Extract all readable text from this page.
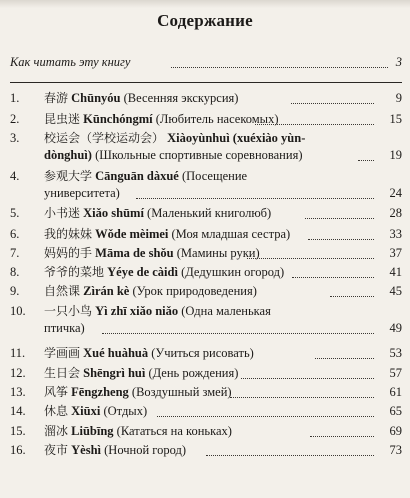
Содержание
Как читать эту книгу	3
1. 春游 Chūnyóu (Весенняя экскурсия)	9
2. 昆虫迷 Kūnchóngmí (Любитель насекомых)	15
3. 校运会（学校运动会） Xiàoyùnhuì (xuéxiào yùn-
dònghuì) (Школьные спортивные соревнования)	19
4. 参观大学 Cānguān dàxué (Посещение
университета)	24
5. 小书迷 Xiǎo shūmí (Маленький книголюб)	28
6. 我的妹妹 Wǒde mèimei (Моя младшая сестра)	33
7. 妈妈的手 Māma de shǒu (Мамины руки)	37
8. 爷爷的菜地 Yéye de càidì (Дедушкин огород)	41
9. 自然课 Zìrán kè (Урок природоведения)	45
10. 一只小鸟 Yì zhī xiǎo niǎo (Одна маленькая
птичка)	49
11. 学画画 Xué huàhuà (Учиться рисовать)	53
12. 生日会 Shēngrì huì (День рождения)	57
13. 风筝 Fēngzheng (Воздушный змей)	61
14. 休息 Xiūxi (Отдых)	65
15. 溜冰 Liūbīng (Кататься на коньках)	69
16. 夜市 Yèshì (Ночной город)	73
